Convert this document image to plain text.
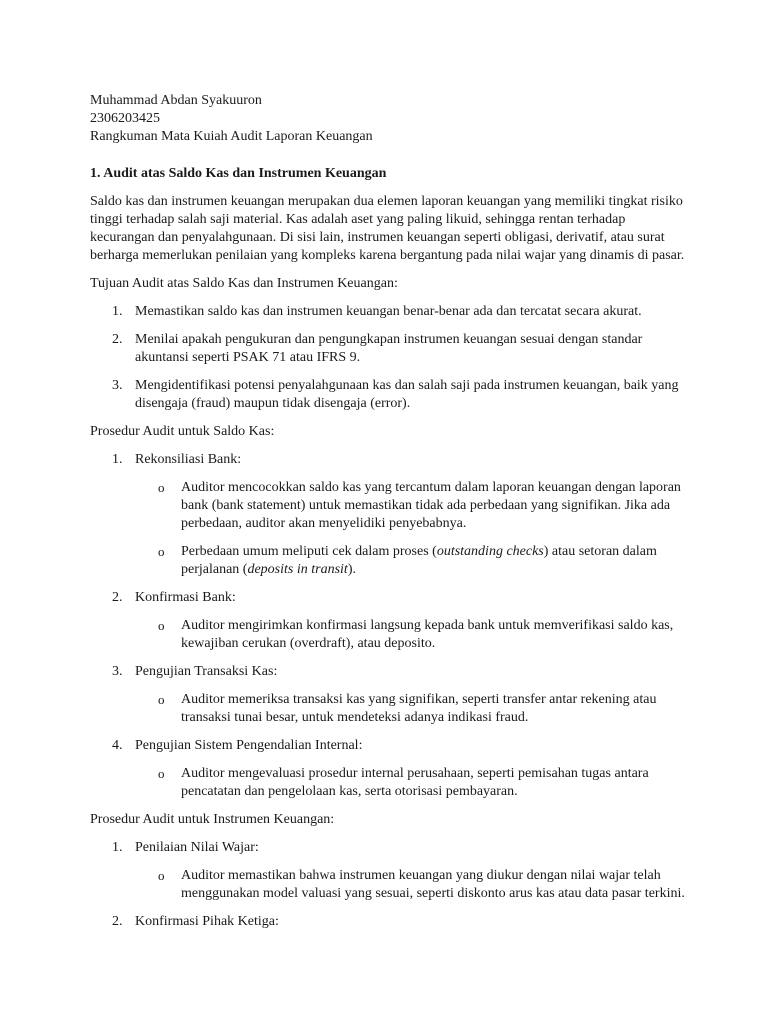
Muhammad Abdan Syakuuron

2306203425

Rangkuman Mata Kuiah Audit Laporan Keuangan

1. Audit atas Saldo Kas dan Instrumen Keuangan

Saldo kas dan instrumen keuangan merupakan dua elemen laporan keuangan yang memiliki tingkat risiko tinggi terhadap salah saji material. Kas adalah aset yang paling likuid, sehingga rentan terhadap kecurangan dan penyalahgunaan. Di sisi lain, instrumen keuangan seperti obligasi, derivatif, atau surat berharga memerlukan penilaian yang kompleks karena bergantung pada nilai wajar yang dinamis di pasar.

Tujuan Audit atas Saldo Kas dan Instrumen Keuangan:

1. Memastikan saldo kas dan instrumen keuangan benar-benar ada dan tercatat secara akurat.
2. Menilai apakah pengukuran dan pengungkapan instrumen keuangan sesuai dengan standar akuntansi seperti PSAK 71 atau IFRS 9.
3. Mengidentifikasi potensi penyalahgunaan kas dan salah saji pada instrumen keuangan, baik yang disengaja (fraud) maupun tidak disengaja (error).

Prosedur Audit untuk Saldo Kas:

1. Rekonsiliasi Bank:
o Auditor mencocokkan saldo kas yang tercantum dalam laporan keuangan dengan laporan bank (bank statement) untuk memastikan tidak ada perbedaan yang signifikan. Jika ada perbedaan, auditor akan menyelidiki penyebabnya.
o Perbedaan umum meliputi cek dalam proses (outstanding checks) atau setoran dalam perjalanan (deposits in transit).
2. Konfirmasi Bank:
o Auditor mengirimkan konfirmasi langsung kepada bank untuk memverifikasi saldo kas, kewajiban cerukan (overdraft), atau deposito.
3. Pengujian Transaksi Kas:
o Auditor memeriksa transaksi kas yang signifikan, seperti transfer antar rekening atau transaksi tunai besar, untuk mendeteksi adanya indikasi fraud.
4. Pengujian Sistem Pengendalian Internal:
o Auditor mengevaluasi prosedur internal perusahaan, seperti pemisahan tugas antara pencatatan dan pengelolaan kas, serta otorisasi pembayaran.

Prosedur Audit untuk Instrumen Keuangan:

1. Penilaian Nilai Wajar:
o Auditor memastikan bahwa instrumen keuangan yang diukur dengan nilai wajar telah menggunakan model valuasi yang sesuai, seperti diskonto arus kas atau data pasar terkini.
2. Konfirmasi Pihak Ketiga:
